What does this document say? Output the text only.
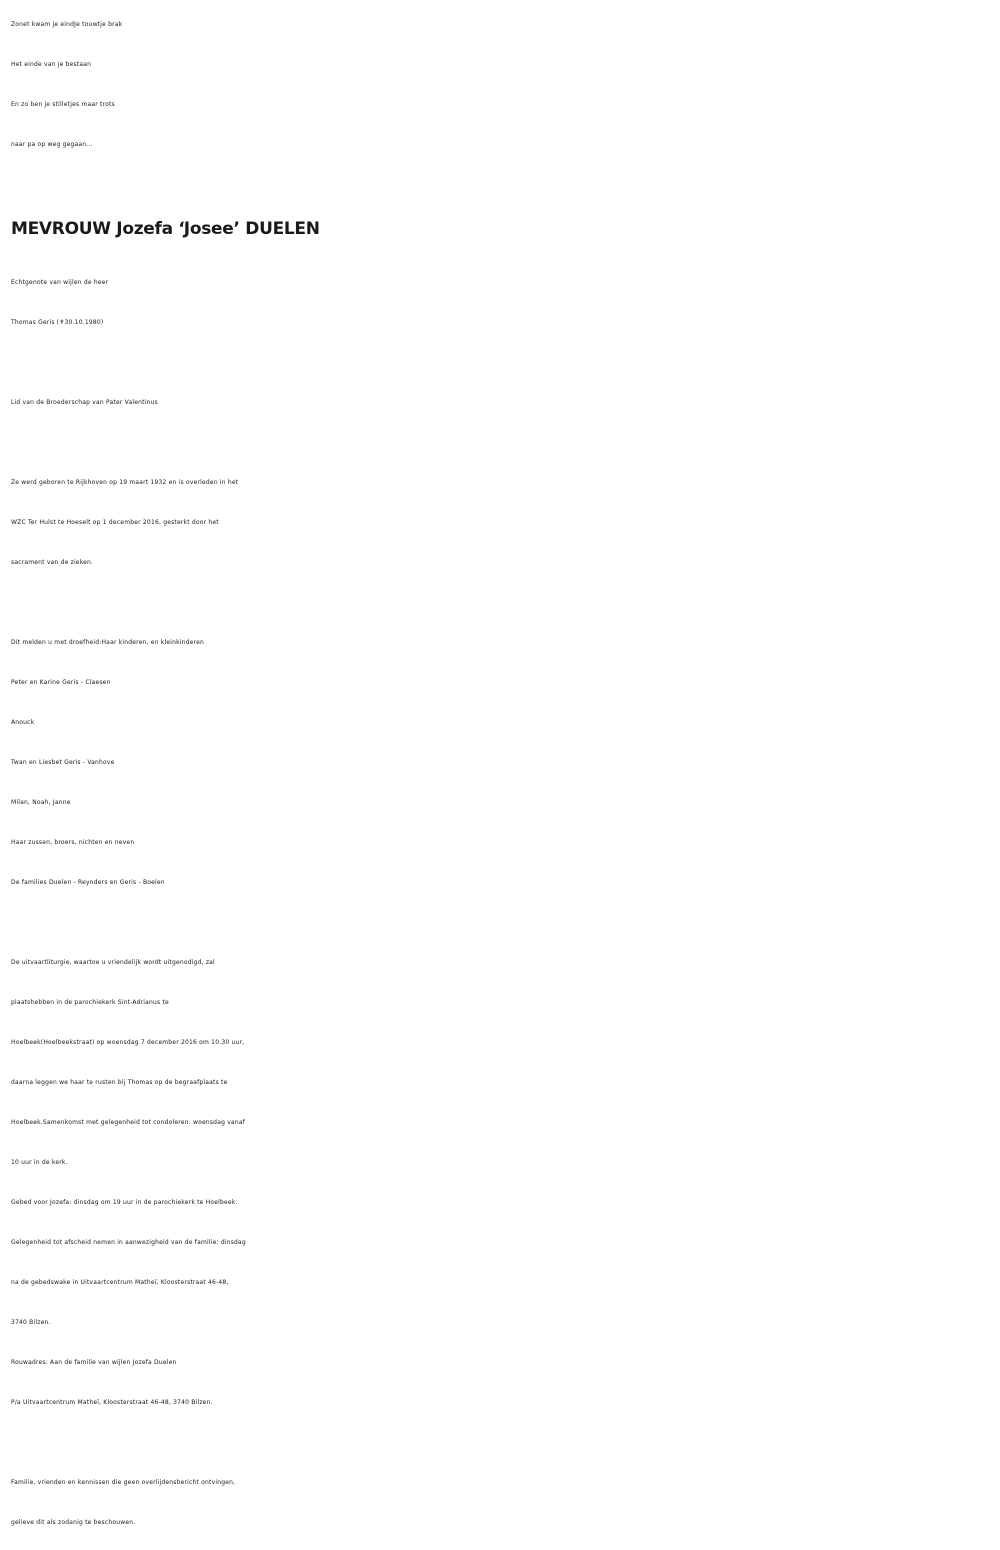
Zonet kwam je eindJe touwtje brak
Het einde van je bestaan
En zo ben je stilletjes maar trots
naar pa op weg gegaan...
MEVROUW Jozefa ‘Josee’ DUELEN
Echtgenote van wijlen de heer
Thomas Geris (✝30.10.1980)
Lid van de Broederschap van Pater Valentinus
Ze werd geboren te Rijkhoven op 19 maart 1932 en is overleden in het
WZC Ter Hulst te Hoeselt op 1 december 2016, gesterkt door het
sacrament van de zieken.
Dit melden u met droefheid:Haar kinderen, en kleinkinderen
Peter en Karine Geris - Claesen
Anouck
Twan en Liesbet Geris - Vanhove
Milan, Noah, Janne
Haar zussen, broers, nichten en neven
De families Duelen - Reynders en Geris - Boelen
De uitvaartliturgie, waartoe u vriendelijk wordt uitgenodigd, zal
plaatshebben in de parochiekerk Sint-Adrianus te
Hoelbeek(Hoelbeekstraat) op woensdag 7 december 2016 om 10.30 uur,
daarna leggen we haar te rusten bij Thomas op de begraafplaats te
Hoelbeek.Samenkomst met gelegenheid tot condoleren: woensdag vanaf
10 uur in de kerk.
Gebed voor Jozefa: dinsdag om 19 uur in de parochiekerk te Hoelbeek.
Gelegenheid tot afscheid nemen in aanwezigheid van de familie: dinsdag
na de gebedswake in Uitvaartcentrum Matheï, Kloosterstraat 46-48,
3740 Bilzen.
Rouwadres: Aan de familie van wijlen Jozefa Duelen
P/a Uitvaartcentrum Matheï, Kloosterstraat 46-48, 3740 Bilzen.
Familie, vrienden en kennissen die geen overlijdensbericht ontvingen,
gelieve dit als zodanig te beschouwen.
